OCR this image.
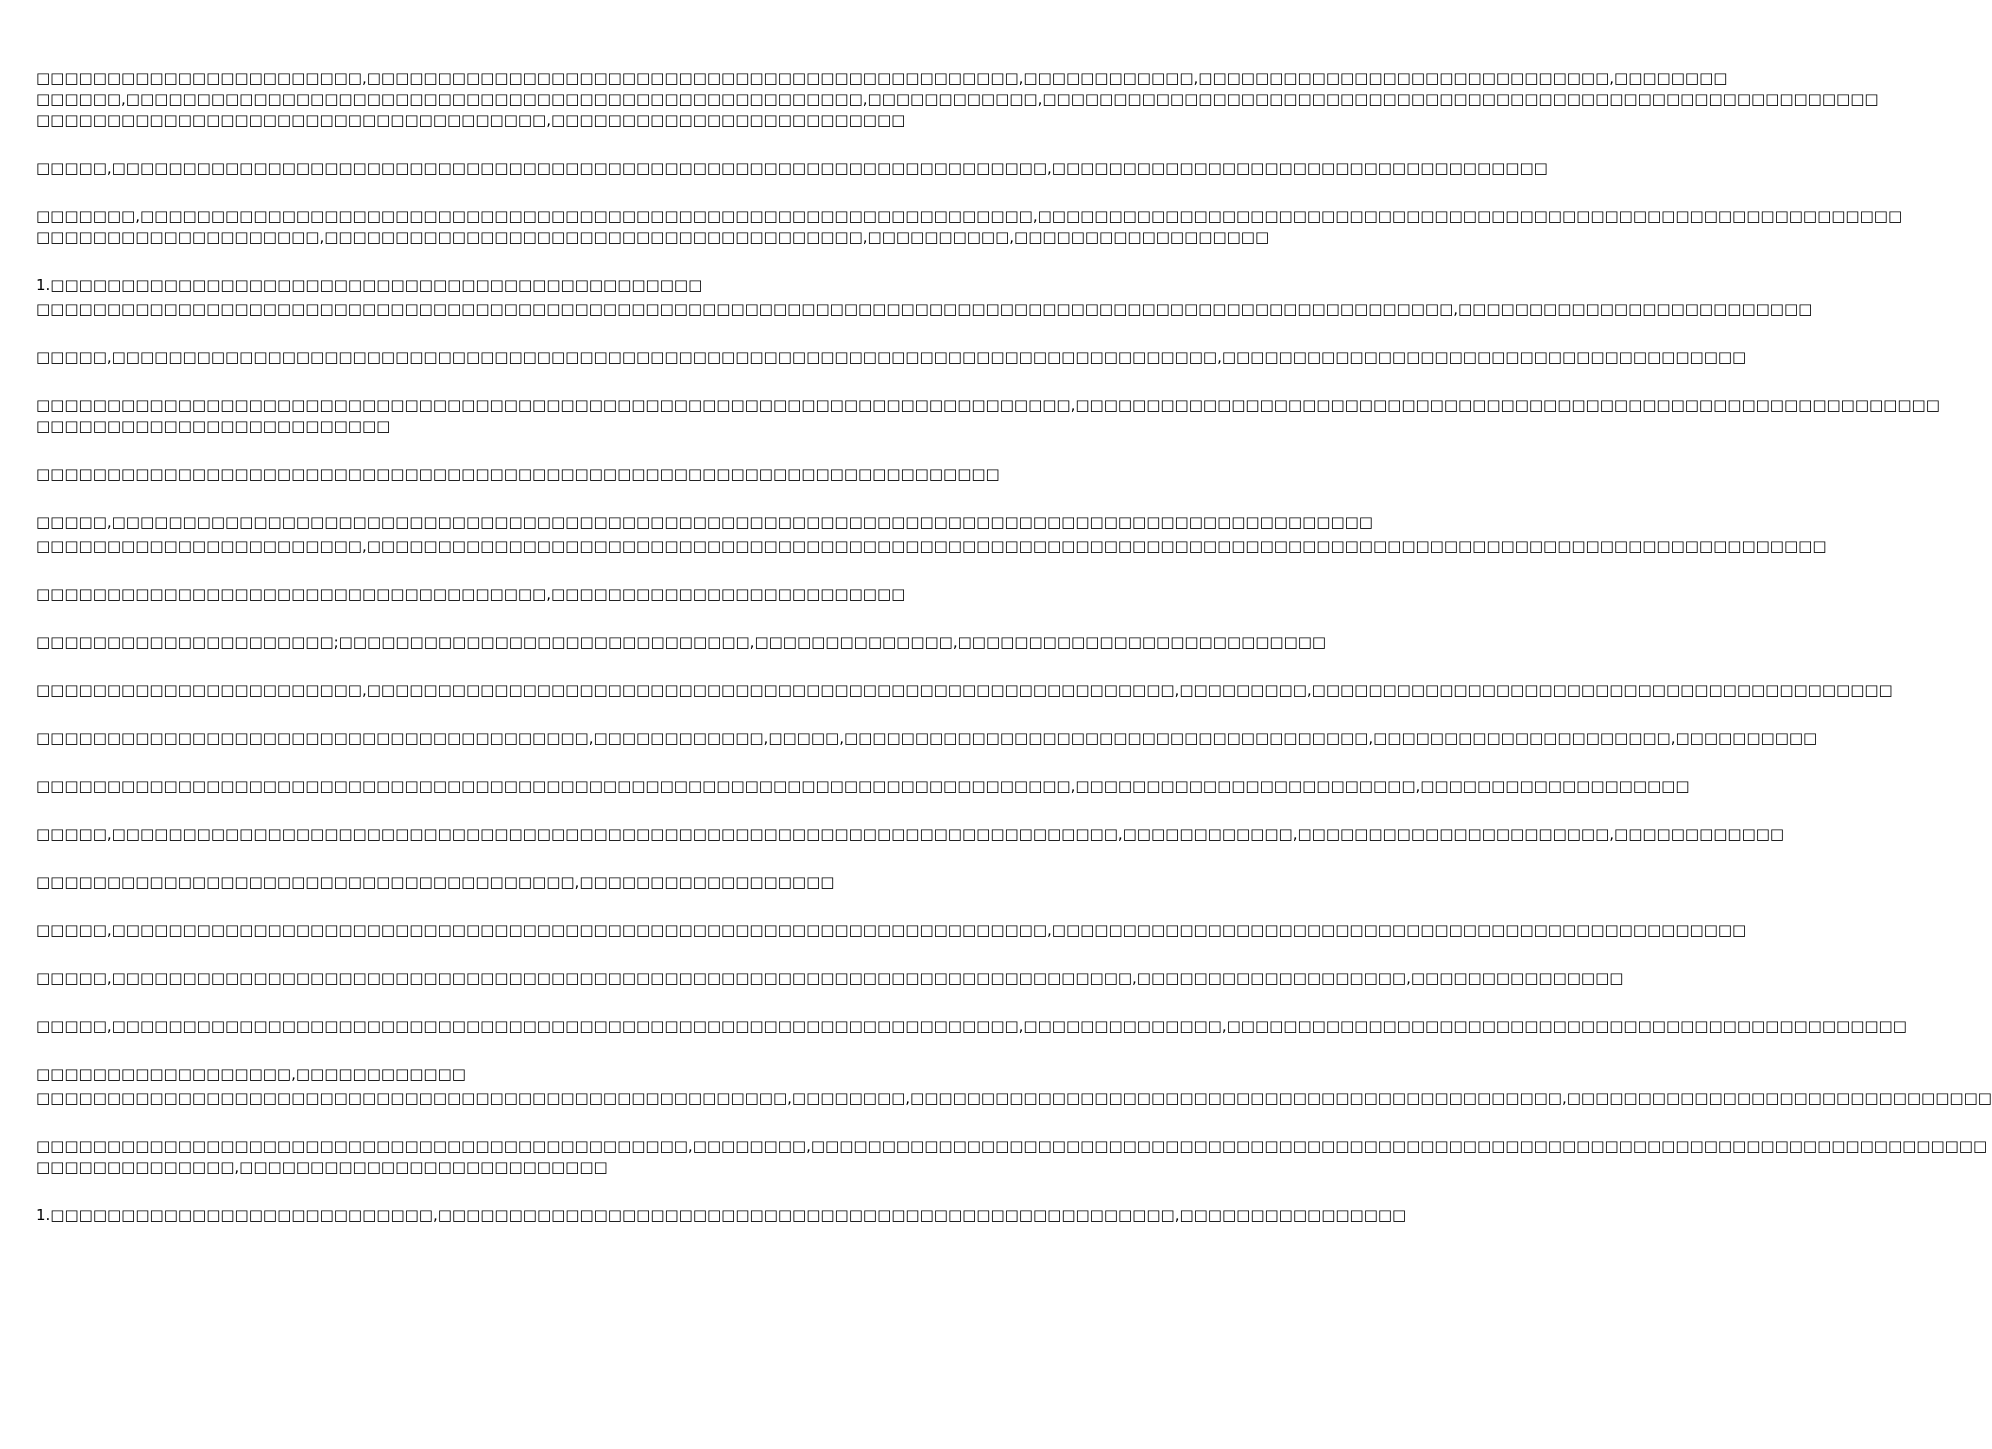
□□□□□□□□□□□□□□□□□□□□□□□,□□□□□□□□□□□□□□□□□□□□□□□□□□□□□□□□□□□□□□□□□□□□□□,□□□□□□□□□□□□,□□□□□□□□□□□□□□□□□□□□□□□□□□□□□,□□□□□□□□
□□□□□□,□□□□□□□□□□□□□□□□□□□□□□□□□□□□□□□□□□□□□□□□□□□□□□□□□□□□,□□□□□□□□□□□□,□□□□□□□□□□□□□□□□□□□□□□□□□□□□□□□□□□□□□□□□□□□□□□□□□□□□□□□□□□□
□□□□□□□□□□□□□□□□□□□□□□□□□□□□□□□□□□□□,□□□□□□□□□□□□□□□□□□□□□□□□□

□□□□□,□□□□□□□□□□□□□□□□□□□□□□□□□□□□□□□□□□□□□□□□□□□□□□□□□□□□□□□□□□□□□□□□□□,□□□□□□□□□□□□□□□□□□□□□□□□□□□□□□□□□□□

□□□□□□□,□□□□□□□□□□□□□□□□□□□□□□□□□□□□□□□□□□□□□□□□□□□□□□□□□□□□□□□□□□□□□□□,□□□□□□□□□□□□□□□□□□□□□□□□□□□□□□□□□□□□□□□□□□□□□□□□□□□□□□□□□□□□□
□□□□□□□□□□□□□□□□□□□□,□□□□□□□□□□□□□□□□□□□□□□□□□□□□□□□□□□□□□□,□□□□□□□□□□,□□□□□□□□□□□□□□□□□□

1.□□□□□□□□□□□□□□□□□□□□□□□□□□□□□□□□□□□□□□□□□□□□□□

□□□□□□□□□□□□□□□□□□□□□□□□□□□□□□□□□□□□□□□□□□□□□□□□□□□□□□□□□□□□□□□□□□□□□□□□□□□□□□□□□□□□□□□□□□□□□□□□□□□□,□□□□□□□□□□□□□□□□□□□□□□□□□

□□□□□,□□□□□□□□□□□□□□□□□□□□□□□□□□□□□□□□□□□□□□□□□□□□□□□□□□□□□□□□□□□□□□□□□□□□□□□□□□□□□□,□□□□□□□□□□□□□□□□□□□□□□□□□□□□□□□□□□□□□

□□□□□□□□□□□□□□□□□□□□□□□□□□□□□□□□□□□□□□□□□□□□□□□□□□□□□□□□□□□□□□□□□□□□□□□□□,□□□□□□□□□□□□□□□□□□□□□□□□□□□□□□□□□□□□□□□□□□□□□□□□□□□□□□□□□□□□□
□□□□□□□□□□□□□□□□□□□□□□□□□

□□□□□□□□□□□□□□□□□□□□□□□□□□□□□□□□□□□□□□□□□□□□□□□□□□□□□□□□□□□□□□□□□□□□

□□□□□,□□□□□□□□□□□□□□□□□□□□□□□□□□□□□□□□□□□□□□□□□□□□□□□□□□□□□□□□□□□□□□□□□□□□□□□□□□□□□□□□□□□□□□□□□

□□□□□□□□□□□□□□□□□□□□□□□,□□□□□□□□□□□□□□□□□□□□□□□□□□□□□□□□□□□□□□□□□□□□□□□□□□□□□□□□□□□□□□□□□□□□□□□□□□□□□□□□□□□□□□□□□□□□□□□□□□□□□□□

□□□□□□□□□□□□□□□□□□□□□□□□□□□□□□□□□□□□,□□□□□□□□□□□□□□□□□□□□□□□□□

□□□□□□□□□□□□□□□□□□□□□;□□□□□□□□□□□□□□□□□□□□□□□□□□□□□,□□□□□□□□□□□□□□,□□□□□□□□□□□□□□□□□□□□□□□□□□

□□□□□□□□□□□□□□□□□□□□□□□,□□□□□□□□□□□□□□□□□□□□□□□□□□□□□□□□□□□□□□□□□□□□□□□□□□□□□□□□□,□□□□□□□□□,□□□□□□□□□□□□□□□□□□□□□□□□□□□□□□□□□□□□□□□□□

□□□□□□□□□□□□□□□□□□□□□□□□□□□□□□□□□□□□□□□,□□□□□□□□□□□□,□□□□□,□□□□□□□□□□□□□□□□□□□□□□□□□□□□□□□□□□□□□,□□□□□□□□□□□□□□□□□□□□□,□□□□□□□□□□

□□□□□□□□□□□□□□□□□□□□□□□□□□□□□□□□□□□□□□□□□□□□□□□□□□□□□□□□□□□□□□□□□□□□□□□□□,□□□□□□□□□□□□□□□□□□□□□□□□,□□□□□□□□□□□□□□□□□□□

□□□□□,□□□□□□□□□□□□□□□□□□□□□□□□□□□□□□□□□□□□□□□□□□□□□□□□□□□□□□□□□□□□□□□□□□□□□□□,□□□□□□□□□□□□,□□□□□□□□□□□□□□□□□□□□□□,□□□□□□□□□□□□

□□□□□□□□□□□□□□□□□□□□□□□□□□□□□□□□□□□□□□,□□□□□□□□□□□□□□□□□□

□□□□□,□□□□□□□□□□□□□□□□□□□□□□□□□□□□□□□□□□□□□□□□□□□□□□□□□□□□□□□□□□□□□□□□□□,□□□□□□□□□□□□□□□□□□□□□□□□□□□□□□□□□□□□□□□□□□□□□□□□□

□□□□□,□□□□□□□□□□□□□□□□□□□□□□□□□□□□□□□□□□□□□□□□□□□□□□□□□□□□□□□□□□□□□□□□□□□□□□□□,□□□□□□□□□□□□□□□□□□□,□□□□□□□□□□□□□□□

□□□□□,□□□□□□□□□□□□□□□□□□□□□□□□□□□□□□□□□□□□□□□□□□□□□□□□□□□□□□□□□□□□□□□□,□□□□□□□□□□□□□□,□□□□□□□□□□□□□□□□□□□□□□□□□□□□□□□□□□□□□□□□□□□□□□□□

□□□□□□□□□□□□□□□□□□,□□□□□□□□□□□□

□□□□□□□□□□□□□□□□□□□□□□□□□□□□□□□□□□□□□□□□□□□□□□□□□□□□□,□□□□□□□□,□□□□□□□□□□□□□□□□□□□□□□□□□□□□□□□□□□□□□□□□□□□□□□,□□□□□□□□□□□□□□□□□□□□□□□□□□□□□□

□□□□□□□□□□□□□□□□□□□□□□□□□□□□□□□□□□□□□□□□□□□□□□,□□□□□□□□,□□□□□□□□□□□□□□□□□□□□□□□□□□□□□□□□□□□□□□□□□□□□□□□□□□□□□□□□□□□□□□□□□□□□□□□□□□□□□□□□□□□
□□□□□□□□□□□□□□,□□□□□□□□□□□□□□□□□□□□□□□□□□

1.□□□□□□□□□□□□□□□□□□□□□□□□□□□,□□□□□□□□□□□□□□□□□□□□□□□□□□□□□□□□□□□□□□□□□□□□□□□□□□□□,□□□□□□□□□□□□□□□□
